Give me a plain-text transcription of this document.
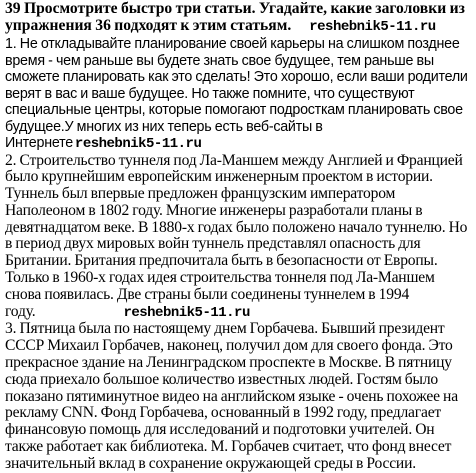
39 Просмотрите быстро три статьи. Угадайте, какие заголовки из упражнения 36 подходят к этим статьям. reshebnik5-11.ru

1. Не откладывайте планирование своей карьеры на слишком позднее время - чем раньше вы будете знать свое будущее, тем раньше вы сможете планировать как это сделать! Это хорошо, если ваши родители верят в вас и ваше будущее. Но также помните, что существуют специальные центры, которые помогают подросткам планировать свое будущее.У многих из них теперь есть веб-сайты в Интернете reshebnik5-11.ru

2. Строительство туннеля под Ла-Маншем между Англией и Францией было крупнейшим европейским инженерным проектом в истории. Туннель был впервые предложен французским императором Наполеоном в 1802 году. Многие инженеры разработали планы в девятнадцатом веке. В 1880-х годах было положено начало туннелю. Но в период двух мировых войн туннель представлял опасность для Британии. Британия предпочитала быть в безопасности от Европы. Только в 1960-х годах идея строительства тоннеля под Ла-Маншем снова появилась. Две страны были соединены туннелем в 1994 году.	reshebnik5-11.ru

3. Пятница была по настоящему днем Горбачева. Бывший президент СССР Михаил Горбачев, наконец, получил дом для своего фонда. Это прекрасное здание на Ленинградском проспекте в Москве. В пятницу сюда приехало большое количество известных людей. Гостям было показано пятиминутное видео на английском языке - очень похожее на рекламу CNN. Фонд Горбачева, основанный в 1992 году, предлагает финансовую помощь для исследований и подготовки учителей. Он также работает как библиотека. М. Горбачев считает, что фонд внесет значительный вклад в сохранение окружающей среды в России.
